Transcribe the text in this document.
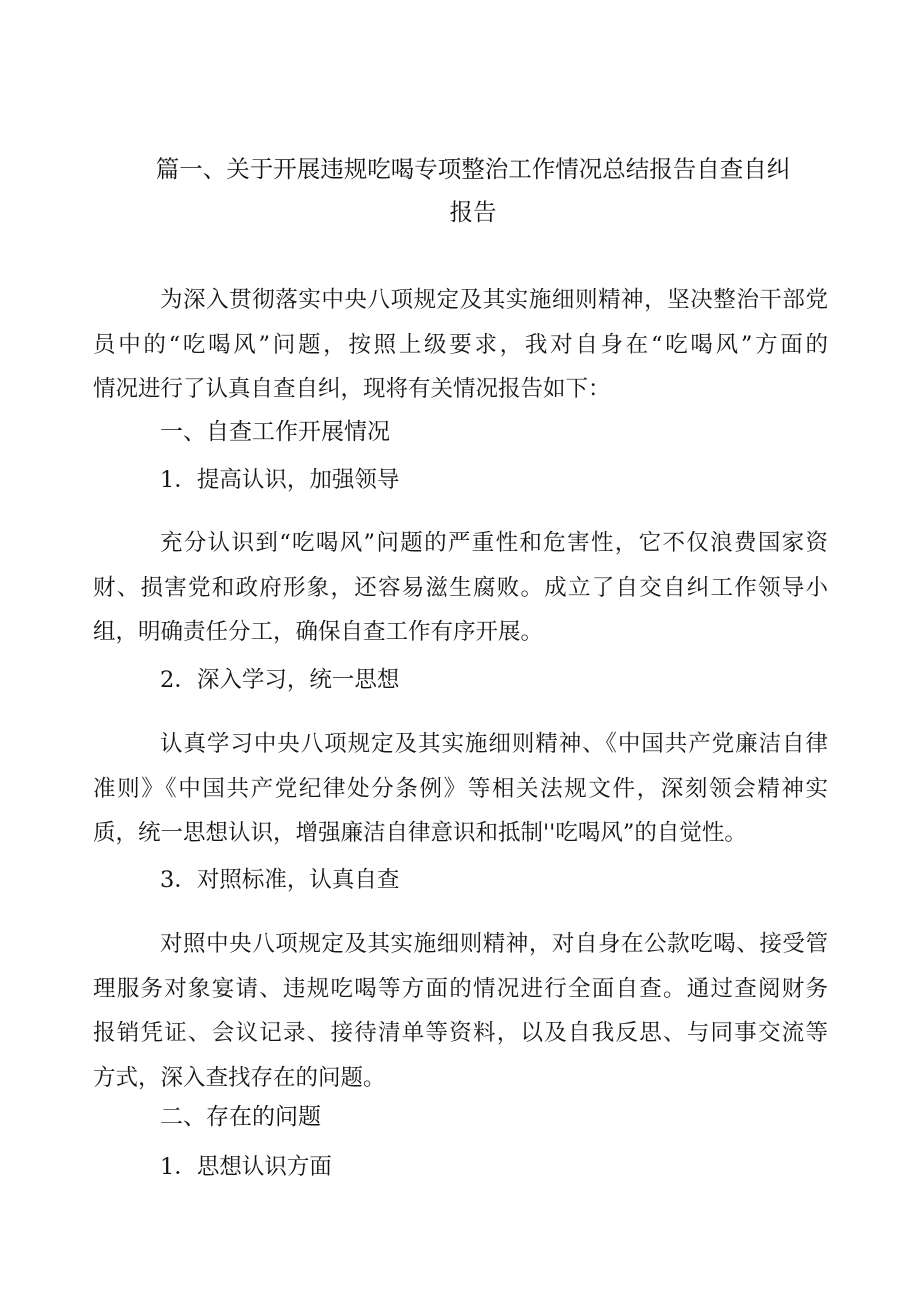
篇一、关于开展违规吃喝专项整治工作情况总结报告自查自纠
报告
为深入贯彻落实中央八项规定及其实施细则精神，坚决整治干部党
员中的“吃喝风”问题，按照上级要求，我对自身在“吃喝风”方面的
情况进行了认真自查自纠，现将有关情况报告如下：
一、自查工作开展情况
1．提高认识，加强领导
充分认识到“吃喝风”问题的严重性和危害性，它不仅浪费国家资
财、损害党和政府形象，还容易滋生腐败。成立了自交自纠工作领导小
组，明确责任分工，确保自查工作有序开展。
2．深入学习，统一思想
认真学习中央八项规定及其实施细则精神、《中国共产党廉洁自律
准则》《中国共产党纪律处分条例》等相关法规文件，深刻领会精神实
质，统一思想认识，增强廉洁自律意识和抵制''吃喝风”的自觉性。
3．对照标准，认真自查
对照中央八项规定及其实施细则精神，对自身在公款吃喝、接受管
理服务对象宴请、违规吃喝等方面的情况进行全面自查。通过查阅财务
报销凭证、会议记录、接待清单等资料，以及自我反思、与同事交流等
方式，深入查找存在的问题。
二、存在的问题
1．思想认识方面
